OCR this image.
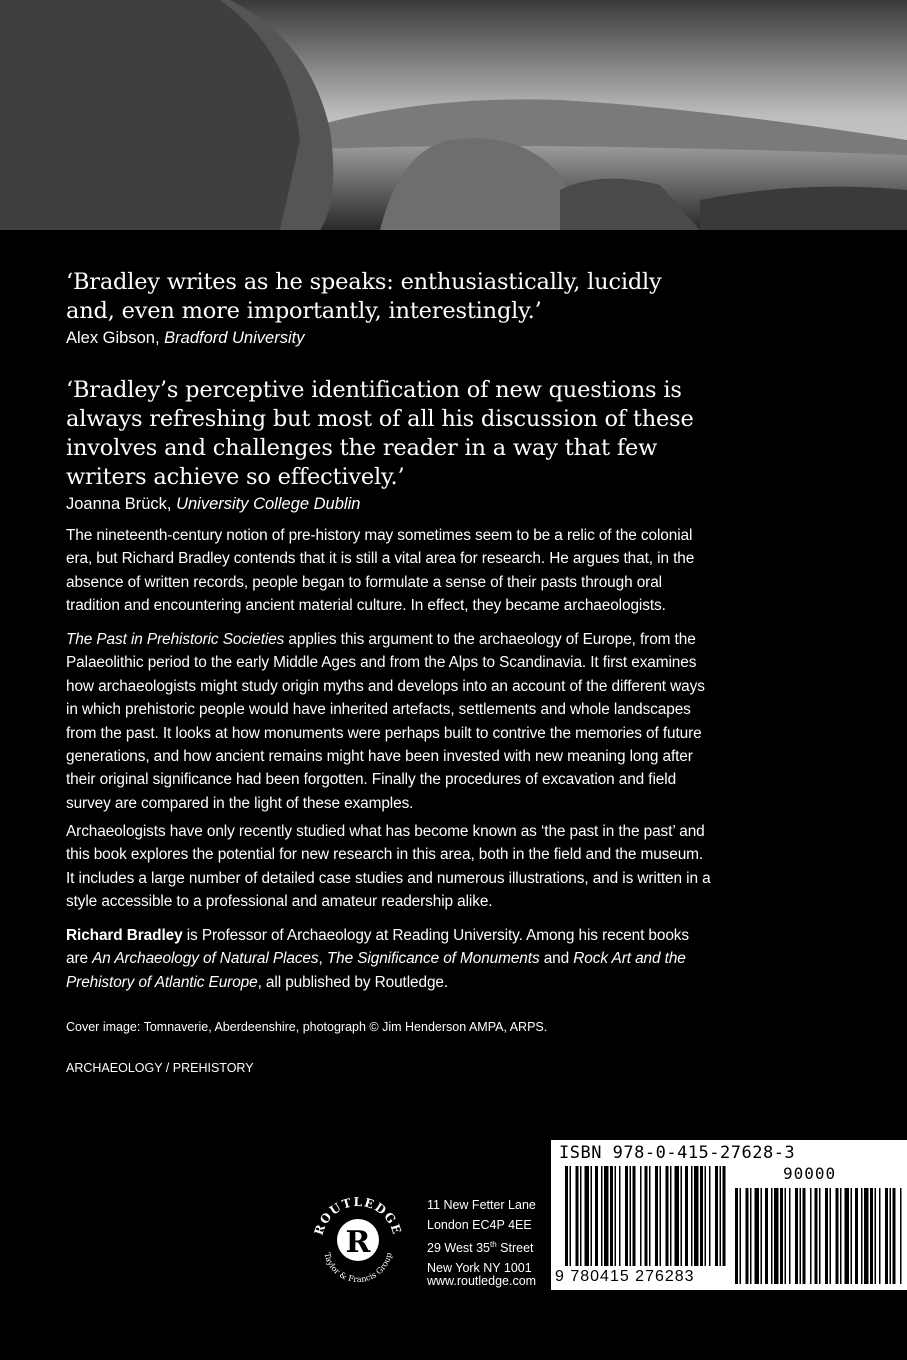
‘Bradley writes as he speaks: enthusiastically, lucidly and, even more importantly, interestingly.’

Alex Gibson, Bradford University

‘Bradley’s perceptive identification of new questions is always refreshing but most of all his discussion of these involves and challenges the reader in a way that few writers achieve so effectively.’

Joanna Brück, University College Dublin

The nineteenth-century notion of pre-history may sometimes seem to be a relic of the colonial era, but Richard Bradley contends that it is still a vital area for research. He argues that, in the absence of written records, people began to formulate a sense of their pasts through oral tradition and encountering ancient material culture. In effect, they became archaeologists.

The Past in Prehistoric Societies applies this argument to the archaeology of Europe, from the Palaeolithic period to the early Middle Ages and from the Alps to Scandinavia. It first examines how archaeologists might study origin myths and develops into an account of the different ways in which prehistoric people would have inherited artefacts, settlements and whole landscapes from the past. It looks at how monuments were perhaps built to contrive the memories of future generations, and how ancient remains might have been invested with new meaning long after their original significance had been forgotten. Finally the procedures of excavation and field survey are compared in the light of these examples.

Archaeologists have only recently studied what has become known as ‘the past in the past’ and this book explores the potential for new research in this area, both in the field and the museum. It includes a large number of detailed case studies and numerous illustrations, and is written in a style accessible to a professional and amateur readership alike.

Richard Bradley is Professor of Archaeology at Reading University. Among his recent books are An Archaeology of Natural Places, The Significance of Monuments and Rock Art and the Prehistory of Atlantic Europe, all published by Routledge.

Cover image: Tomnaverie, Aberdeenshire, photograph © Jim Henderson AMPA, ARPS.

ARCHAEOLOGY / PREHISTORY

R
ROUTLEDGE
Taylor & Francis Group
11 New Fetter Lane
London EC4P 4EE
29 West 35th Street
New York NY 1001
www.routledge.com
ISBN 978-0-415-27628-3
90000
9 780415 276283
